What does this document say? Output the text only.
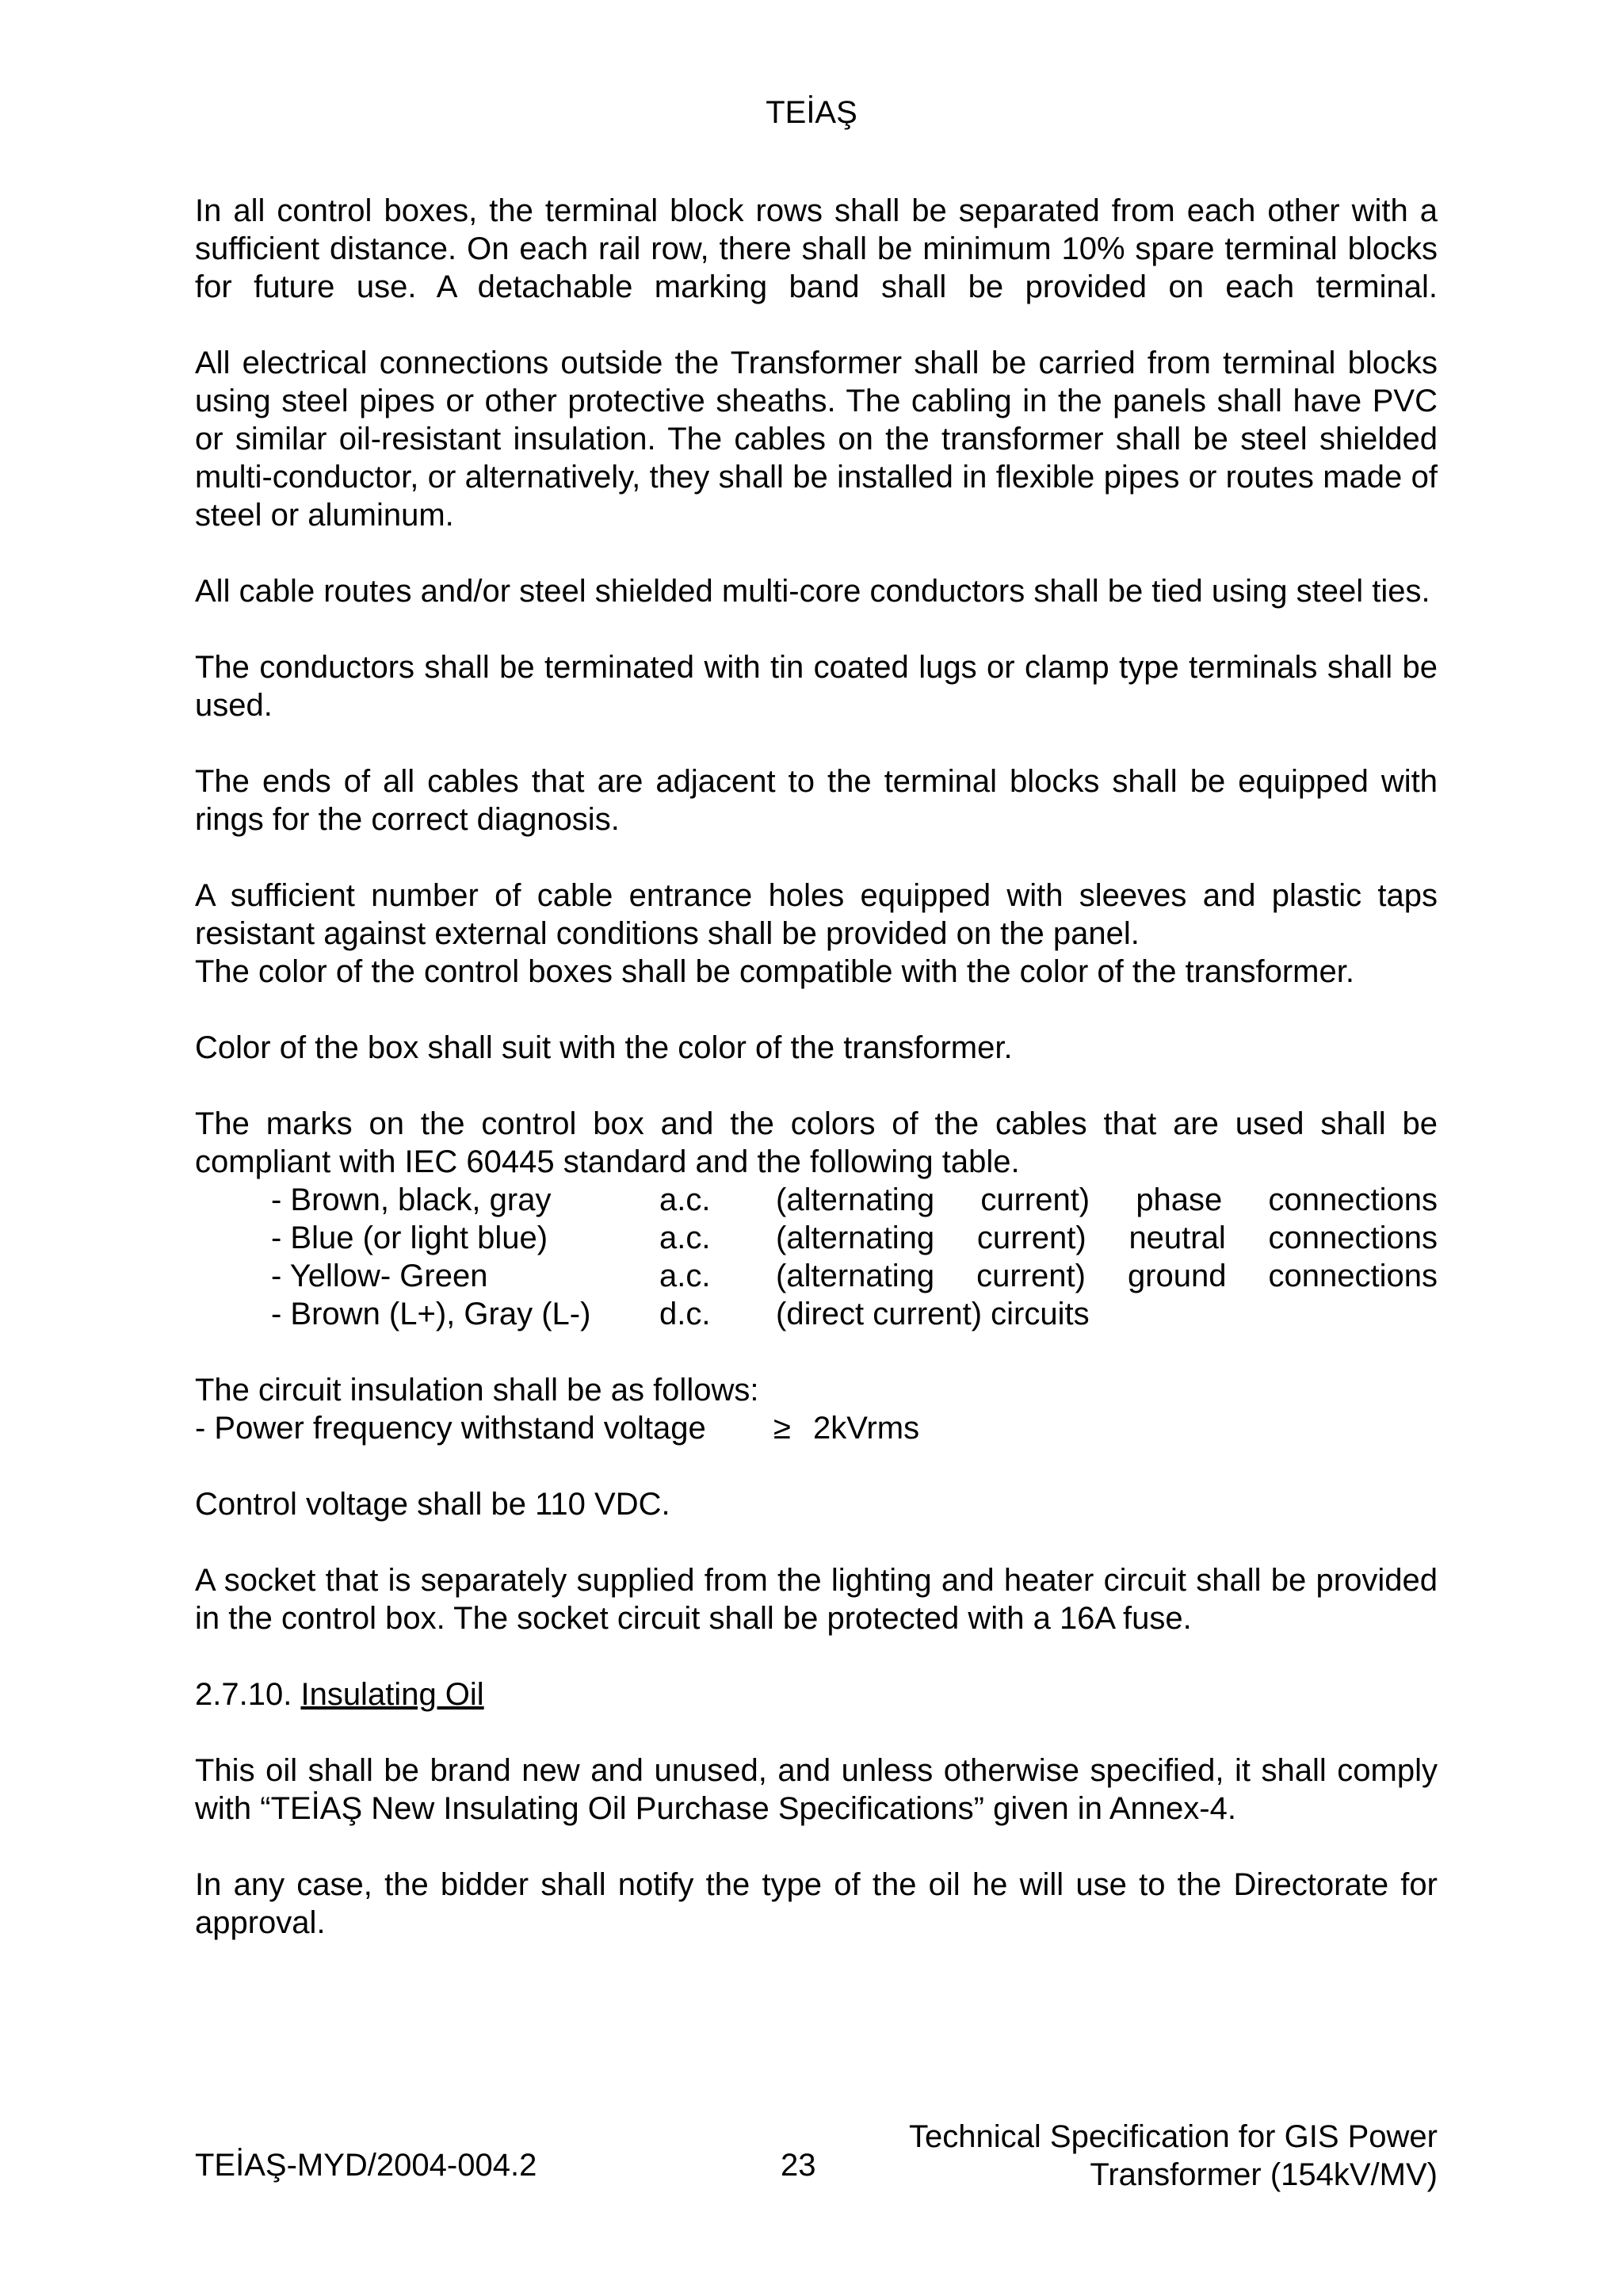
TEİAŞ

In all control boxes, the terminal block rows shall be separated from each other with a sufficient distance. On each rail row, there shall be minimum 10% spare terminal blocks for future use. A detachable marking band shall be provided on each terminal.

All electrical connections outside the Transformer shall be carried from terminal blocks using steel pipes or other protective sheaths. The cabling in the panels shall have PVC or similar oil-resistant insulation. The cables on the transformer shall be steel shielded multi-conductor, or alternatively, they shall be installed in flexible pipes or routes made of steel or aluminum.

All cable routes and/or steel shielded multi-core conductors shall be tied using steel ties.

The conductors shall be terminated with tin coated lugs or clamp type terminals shall be used.

The ends of all cables that are adjacent to the terminal blocks shall be equipped with rings for the correct diagnosis.

A sufficient number of cable entrance holes equipped with sleeves and plastic taps resistant against external conditions shall be provided on the panel.

The color of the control boxes shall be compatible with the color of the transformer.

Color of the box shall suit with the color of the transformer.

The marks on the control box and the colors of the cables that are used shall be compliant with IEC 60445 standard and the following table.

- Brown, black, gray	a.c.	(alternating current) phase connections
- Blue (or light blue)	a.c.	(alternating current) neutral connections
- Yellow- Green	a.c.	(alternating current) ground connections
- Brown (L+), Gray (L-)	d.c.	(direct current) circuits

The circuit insulation shall be as follows:

- Power frequency withstand voltage	≥ 2kVrms

Control voltage shall be 110 VDC.

A socket that is separately supplied from the lighting and heater circuit shall be provided in the control box. The socket circuit shall be protected with a 16A fuse.

2.7.10. Insulating Oil

This oil shall be brand new and unused, and unless otherwise specified, it shall comply with “TEİAŞ New Insulating Oil Purchase Specifications” given in Annex-4.

In any case, the bidder shall notify the type of the oil he will use to the Directorate for approval.

TEİAŞ-MYD/2004-004.2	23
Technical Specification for GIS Power
Transformer (154kV/MV)
